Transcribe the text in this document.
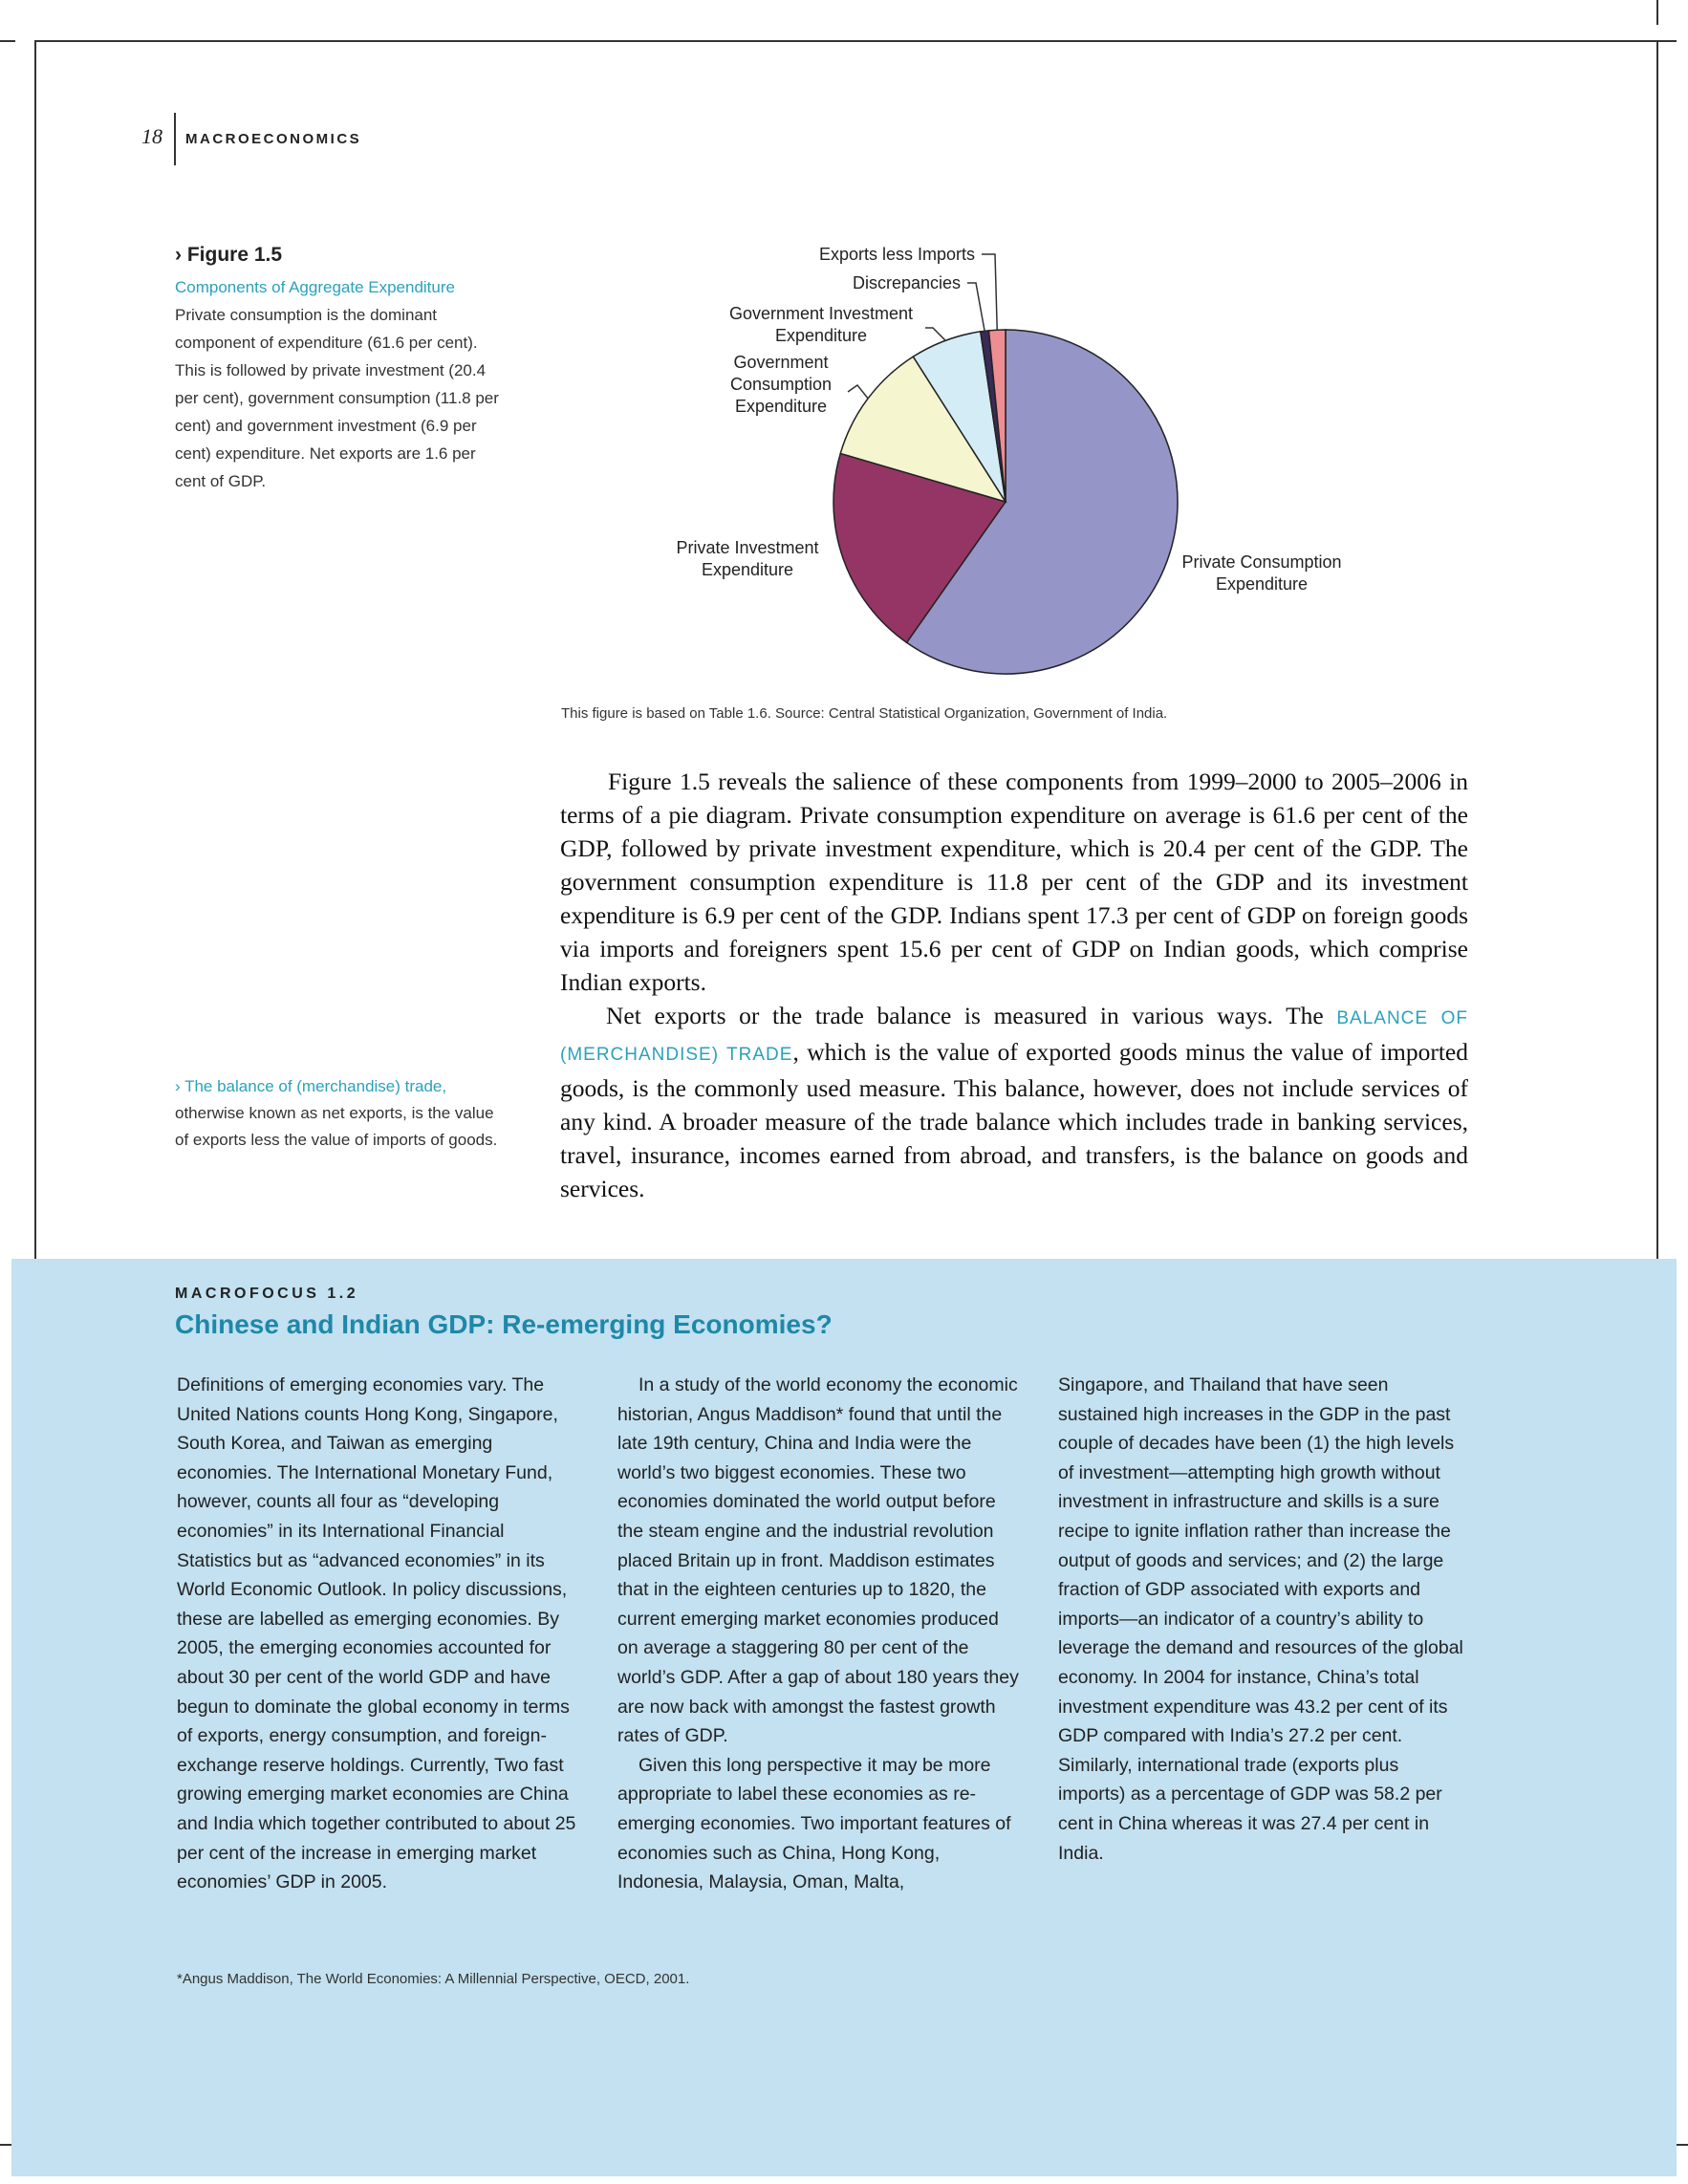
18 MACROECONOMICS
› Figure 1.5
Components of Aggregate Expenditure
Private consumption is the dominant component of expenditure (61.6 per cent). This is followed by private investment (20.4 per cent), government consumption (11.8 per cent) and government investment (6.9 per cent) expenditure. Net exports are 1.6 per cent of GDP.
Private Consumption Expenditure
Private Investment Expenditure
Government Consumption Expenditure
Government Investment Expenditure
Discrepancies
Exports less Imports
This figure is based on Table 1.6. Source: Central Statistical Organization, Government of India.

Figure 1.5 reveals the salience of these components from 1999–2000 to 2005–2006 in terms of a pie diagram. Private consumption expenditure on average is 61.6 per cent of the GDP, followed by private investment expenditure, which is 20.4 per cent of the GDP. The government consumption expenditure is 11.8 per cent of the GDP and its investment expenditure is 6.9 per cent of the GDP. Indians spent 17.3 per cent of GDP on foreign goods via imports and foreigners spent 15.6 per cent of GDP on Indian goods, which comprise Indian exports.

Net exports or the trade balance is measured in various ways. The BALANCE OF (MERCHANDISE) TRADE, which is the value of exported goods minus the value of imported goods, is the commonly used measure. This balance, however, does not include services of any kind. A broader measure of the trade balance which includes trade in banking services, travel, insurance, incomes earned from abroad, and transfers, is the balance on goods and services.

› The balance of (merchandise) trade, otherwise known as net exports, is the value of exports less the value of imports of goods.
MACROFOCUS 1.2
Chinese and Indian GDP: Re-emerging Economies?

Definitions of emerging economies vary. The United Nations counts Hong Kong, Singapore, South Korea, and Taiwan as emerging economies. The International Monetary Fund, however, counts all four as “developing economies” in its International Financial Statistics but as “advanced economies” in its World Economic Outlook. In policy discussions, these are labelled as emerging economies. By 2005, the emerging economies accounted for about 30 per cent of the world GDP and have begun to dominate the global economy in terms of exports, energy consumption, and foreign-exchange reserve holdings. Currently, Two fast growing emerging market economies are China and India which together contributed to about 25 per cent of the increase in emerging market economies’ GDP in 2005.

In a study of the world economy the economic historian, Angus Maddison* found that until the late 19th century, China and India were the world’s two biggest economies. These two economies dominated the world output before the steam engine and the industrial revolution placed Britain up in front. Maddison estimates that in the eighteen centuries up to 1820, the current emerging market economies produced on average a staggering 80 per cent of the world’s GDP. After a gap of about 180 years they are now back with amongst the fastest growth rates of GDP.

Given this long perspective it may be more appropriate to label these economies as re-emerging economies. Two important features of economies such as China, Hong Kong, Indonesia, Malaysia, Oman, Malta,

Singapore, and Thailand that have seen sustained high increases in the GDP in the past couple of decades have been (1) the high levels of investment—attempting high growth without investment in infrastructure and skills is a sure recipe to ignite inflation rather than increase the output of goods and services; and (2) the large fraction of GDP associated with exports and imports—an indicator of a country’s ability to leverage the demand and resources of the global economy. In 2004 for instance, China’s total investment expenditure was 43.2 per cent of its GDP compared with India’s 27.2 per cent. Similarly, international trade (exports plus imports) as a percentage of GDP was 58.2 per cent in China whereas it was 27.4 per cent in India.

*Angus Maddison, The World Economies: A Millennial Perspective, OECD, 2001.
